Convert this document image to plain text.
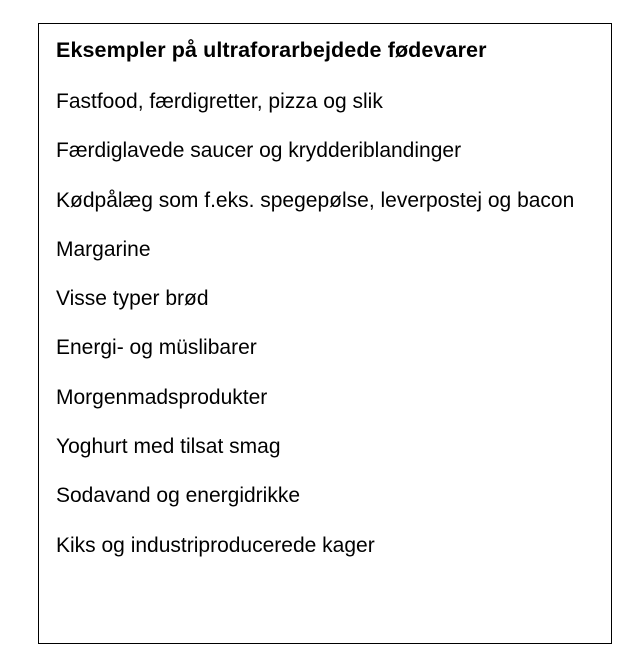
Eksempler på ultraforarbejdede fødevarer
Fastfood, færdigretter, pizza og slik
Færdiglavede saucer og krydderiblandinger
Kødpålæg som f.eks. spegepølse, leverpostej og bacon
Margarine
Visse typer brød
Energi- og müslibarer
Morgenmadsprodukter
Yoghurt med tilsat smag
Sodavand og energidrikke
Kiks og industriproducerede kager
